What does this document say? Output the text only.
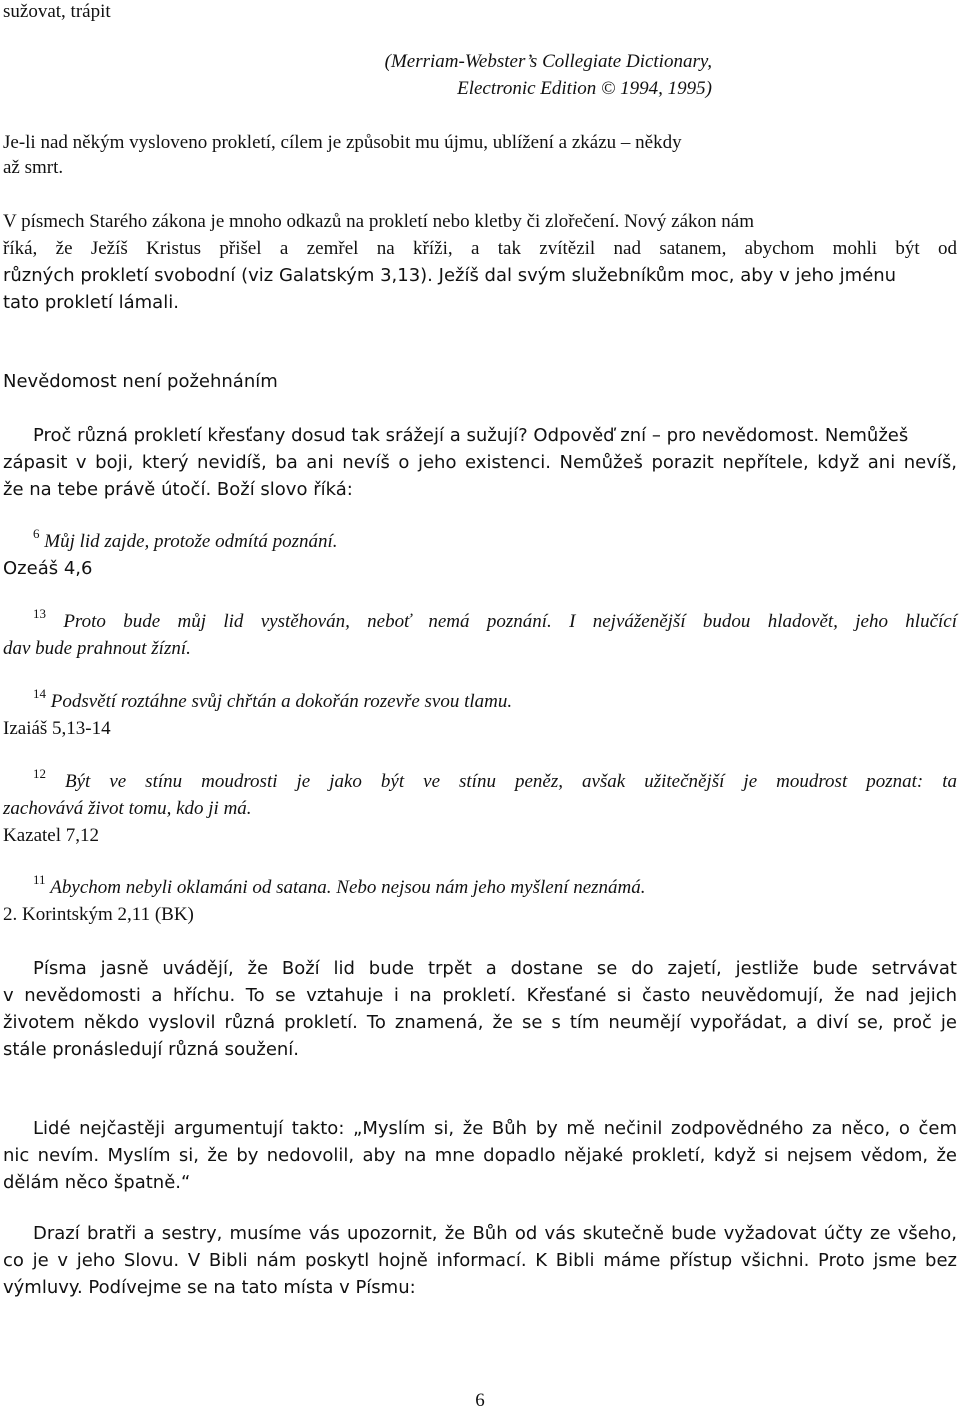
sužovat, trápit
(Merriam-Webster’s Collegiate Dictionary,
Electronic Edition © 1994, 1995)
Je-li nad někým vysloveno prokletí, cílem je způsobit mu újmu, ublížení a zkázu – někdy
až smrt.
V písmech Starého zákona je mnoho odkazů na prokletí nebo kletby či zlořečení. Nový zákon nám
říká, že Ježíš Kristus přišel a zemřel na kříži, a tak zvítězil nad satanem, abychom mohli být od
různých prokletí svobodní (viz Galatským 3,13). Ježíš dal svým služebníkům moc, aby v jeho jménu
tato prokletí lámali.
Nevědomost není požehnáním
Proč různá prokletí křesťany dosud tak srážejí a sužují? Odpověď zní – pro nevědomost. Nemůžeš
zápasit v boji, který nevidíš, ba ani nevíš o jeho existenci. Nemůžeš porazit nepřítele, když ani nevíš,
že na tebe právě útočí. Boží slovo říká:
$^6$ Můj lid zajde, protože odmítá poznání.
Ozeáš 4,6
$^{13}$ Proto bude můj lid vystěhován, neboť nemá poznání. I nejváženější budou hladovět, jeho hlučící
dav bude prahnout žízní.
$^{14}$ Podsvětí roztáhne svůj chřtán a dokořán rozevře svou tlamu.
Izaiáš 5,13-14
$^{12}$ Být ve stínu moudrosti je jako být ve stínu peněz, avšak užitečnější je moudrost poznat: ta
zachovává život tomu, kdo ji má.
Kazatel 7,12
$^{11}$ Abychom nebyli oklamáni od satana. Nebo nejsou nám jeho myšlení neznámá.
2. Korintským 2,11 (BK)
Písma jasně uvádějí, že Boží lid bude trpět a dostane se do zajetí, jestliže bude setrvávat
v nevědomosti a hříchu. To se vztahuje i na prokletí. Křesťané si často neuvědomují, že nad jejich
životem někdo vyslovil různá prokletí. To znamená, že se s tím neumějí vypořádat, a diví se, proč je
stále pronásledují různá soužení.
Lidé nejčastěji argumentují takto: „Myslím si, že Bůh by mě nečinil zodpovědného za něco, o čem
nic nevím. Myslím si, že by nedovolil, aby na mne dopadlo nějaké prokletí, když si nejsem vědom, že
dělám něco špatně.“
Drazí bratři a sestry, musíme vás upozornit, že Bůh od vás skutečně bude vyžadovat účty ze všeho,
co je v jeho Slovu. V Bibli nám poskytl hojně informací. K Bibli máme přístup všichni. Proto jsme bez
výmluvy. Podívejme se na tato místa v Písmu:
6
